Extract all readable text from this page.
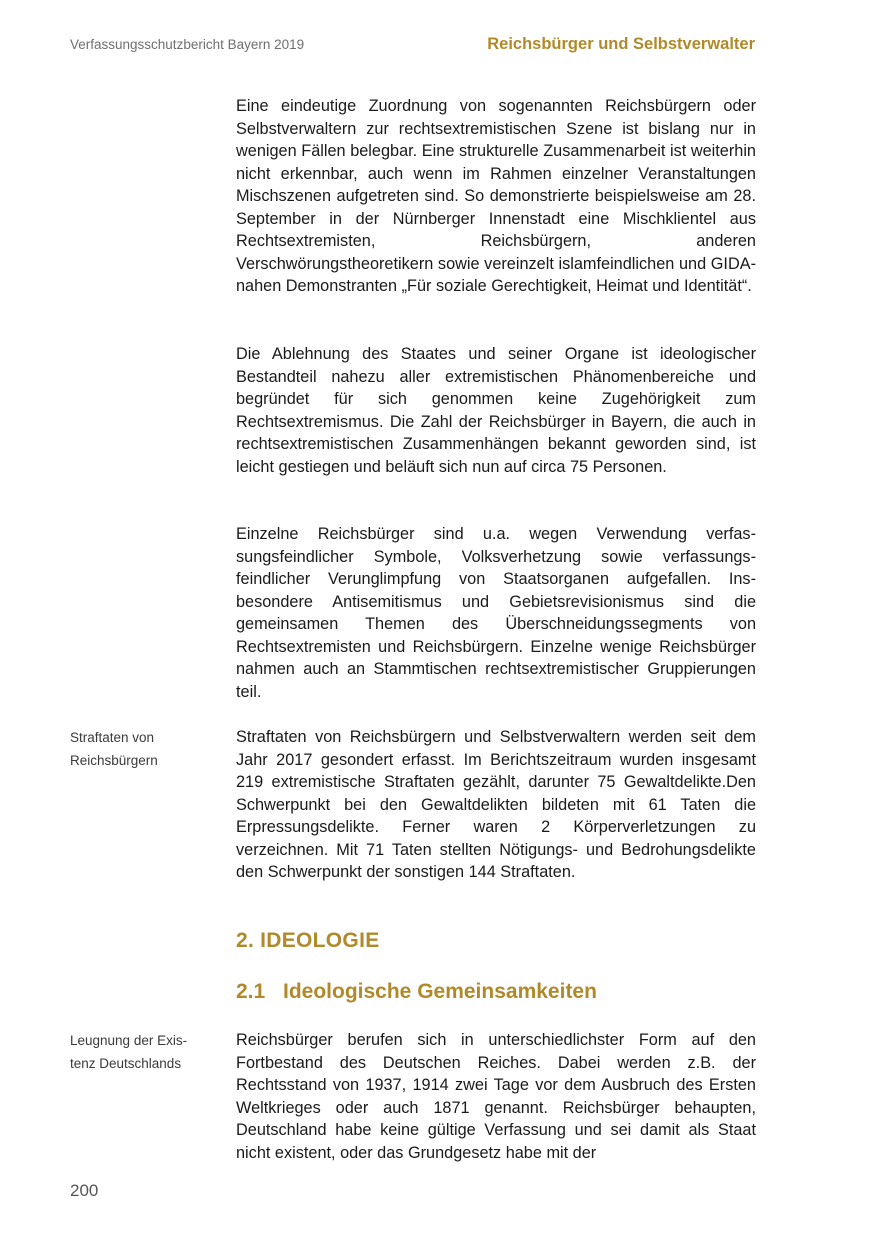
Verfassungsschutzbericht Bayern 2019	Reichsbürger und Selbstverwalter

Eine eindeutige Zuordnung von sogenannten Reichsbürgern oder Selbstverwaltern zur rechtsextremistischen Szene ist bislang nur in wenigen Fällen belegbar. Eine strukturelle Zusammenarbeit ist weiterhin nicht erkennbar, auch wenn im Rahmen einzelner Veranstaltungen Mischszenen aufgetreten sind. So demonstrierte beispielsweise am 28. September in der Nürnberger Innenstadt eine Mischklientel aus Rechtsextremisten, Reichsbürgern, anderen Verschwörungstheoretikern sowie vereinzelt islamfeindlichen und GIDA-nahen Demonstranten „Für soziale Gerechtigkeit, Heimat und Identität“.

Die Ablehnung des Staates und seiner Organe ist ideologischer Bestandteil nahezu aller extremistischen Phänomenbereiche und begründet für sich genommen keine Zugehörigkeit zum Rechtsextremismus. Die Zahl der Reichsbürger in Bayern, die auch in rechtsextremistischen Zusammenhängen bekannt geworden sind, ist leicht gestiegen und beläuft sich nun auf circa 75 Personen.

Einzelne Reichsbürger sind u.a. wegen Verwendung verfassungsfeindlicher Symbole, Volksverhetzung sowie verfassungsfeindlicher Verunglimpfung von Staatsorganen aufgefallen. Insbesondere Antisemitismus und Gebietsrevisionismus sind die gemeinsamen Themen des Überschneidungssegments von Rechtsextremisten und Reichsbürgern. Einzelne wenige Reichsbürger nahmen auch an Stammtischen rechtsextremistischer Gruppierungen teil.

Straftaten von Reichsbürgern

Straftaten von Reichsbürgern und Selbstverwaltern werden seit dem Jahr 2017 gesondert erfasst. Im Berichtszeitraum wurden insgesamt 219 extremistische Straftaten gezählt, darunter 75 Gewaltdelikte.Den Schwerpunkt bei den Gewaltdelikten bildeten mit 61 Taten die Erpressungsdelikte. Ferner waren 2 Körperverletzungen zu verzeichnen. Mit 71 Taten stellten Nötigungs- und Bedrohungsdelikte den Schwerpunkt der sonstigen 144 Straftaten.

2. IDEOLOGIE
2.1 Ideologische Gemeinsamkeiten

Leugnung der Existenz Deutschlands

Reichsbürger berufen sich in unterschiedlichster Form auf den Fortbestand des Deutschen Reiches. Dabei werden z.B. der Rechtsstand von 1937, 1914 zwei Tage vor dem Ausbruch des Ersten Weltkrieges oder auch 1871 genannt. Reichsbürger behaupten, Deutschland habe keine gültige Verfassung und sei damit als Staat nicht existent, oder das Grundgesetz habe mit der

200
